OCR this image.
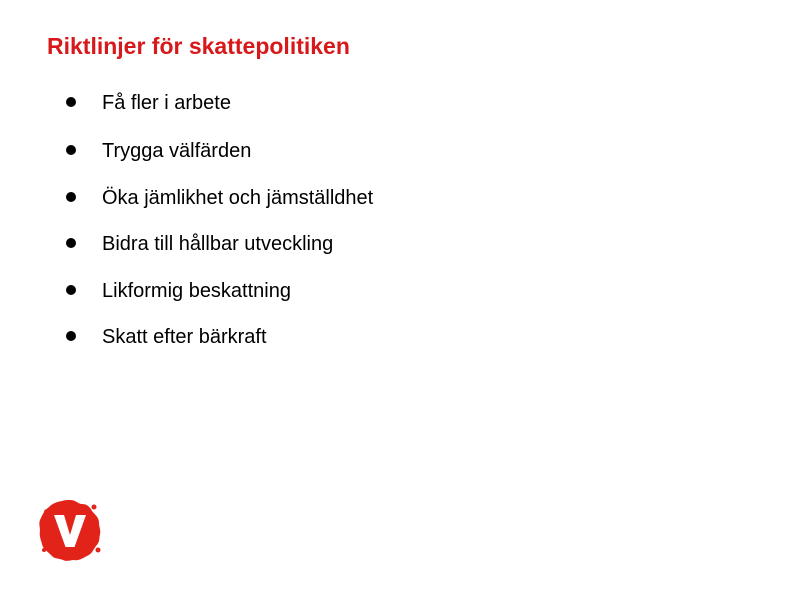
Riktlinjer för skattepolitiken
Få fler i arbete
Trygga välfärden
Öka jämlikhet och jämställdhet
Bidra till hållbar utveckling
Likformig beskattning
Skatt efter bärkraft
